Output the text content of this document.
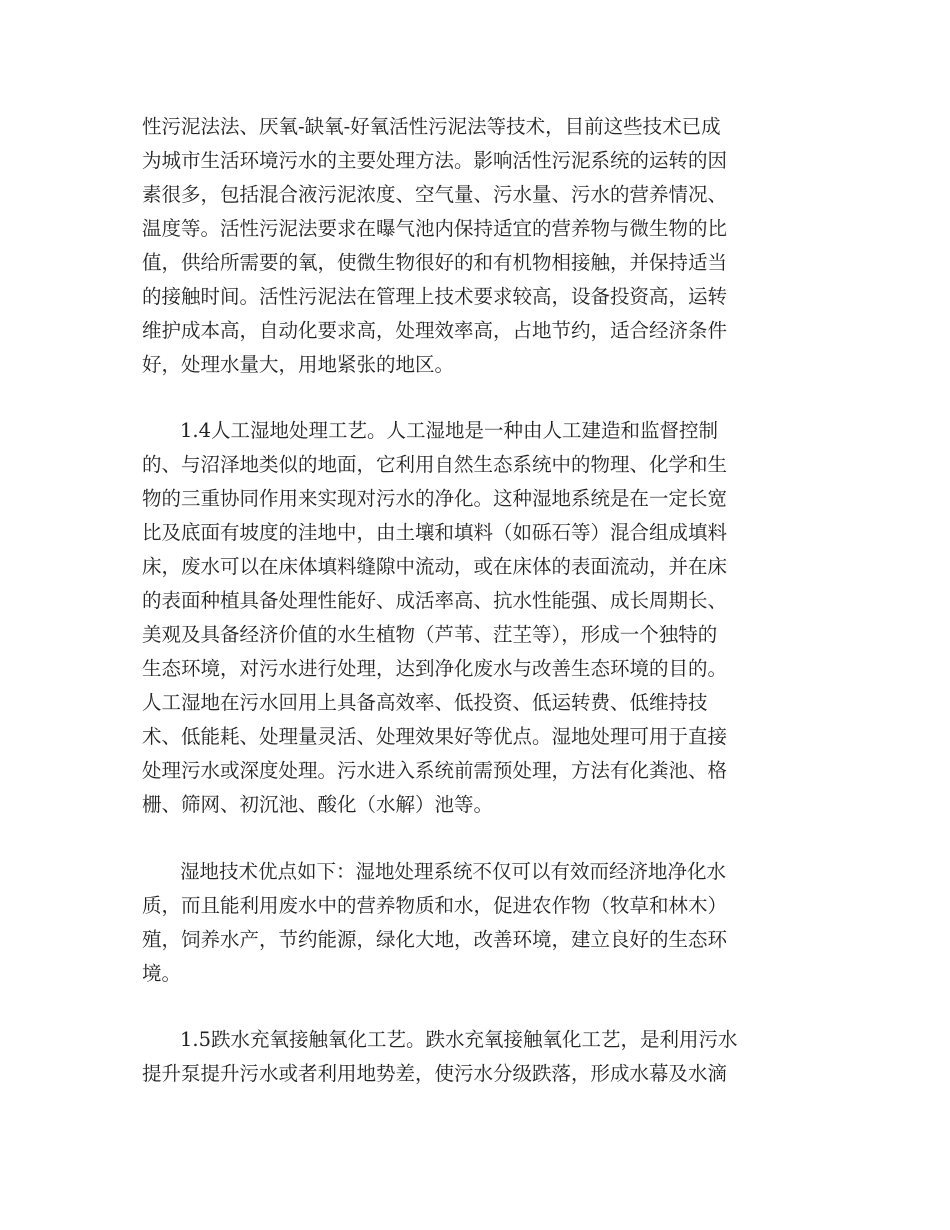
性污泥法法、厌氧-缺氧-好氧活性污泥法等技术，目前这些技术已成
为城市生活环境污水的主要处理方法。影响活性污泥系统的运转的因
素很多，包括混合液污泥浓度、空气量、污水量、污水的营养情况、
温度等。活性污泥法要求在曝气池内保持适宜的营养物与微生物的比
值，供给所需要的氧，使微生物很好的和有机物相接触，并保持适当
的接触时间。活性污泥法在管理上技术要求较高，设备投资高，运转
维护成本高，自动化要求高，处理效率高，占地节约，适合经济条件
好，处理水量大，用地紧张的地区。
1.4人工湿地处理工艺。人工湿地是一种由人工建造和监督控制
的、与沼泽地类似的地面，它利用自然生态系统中的物理、化学和生
物的三重协同作用来实现对污水的净化。这种湿地系统是在一定长宽
比及底面有坡度的洼地中，由土壤和填料（如砾石等）混合组成填料
床，废水可以在床体填料缝隙中流动，或在床体的表面流动，并在床
的表面种植具备处理性能好、成活率高、抗水性能强、成长周期长、
美观及具备经济价值的水生植物（芦苇、茳芏等），形成一个独特的
生态环境，对污水进行处理，达到净化废水与改善生态环境的目的。
人工湿地在污水回用上具备高效率、低投资、低运转费、低维持技
术、低能耗、处理量灵活、处理效果好等优点。湿地处理可用于直接
处理污水或深度处理。污水进入系统前需预处理，方法有化粪池、格
栅、筛网、初沉池、酸化（水解）池等。
湿地技术优点如下：湿地处理系统不仅可以有效而经济地净化水
质，而且能利用废水中的营养物质和水，促进农作物（牧草和林木）
殖，饲养水产，节约能源，绿化大地，改善环境，建立良好的生态环
境。
1.5跌水充氧接触氧化工艺。跌水充氧接触氧化工艺，是利用污水
提升泵提升污水或者利用地势差，使污水分级跌落，形成水幕及水滴
